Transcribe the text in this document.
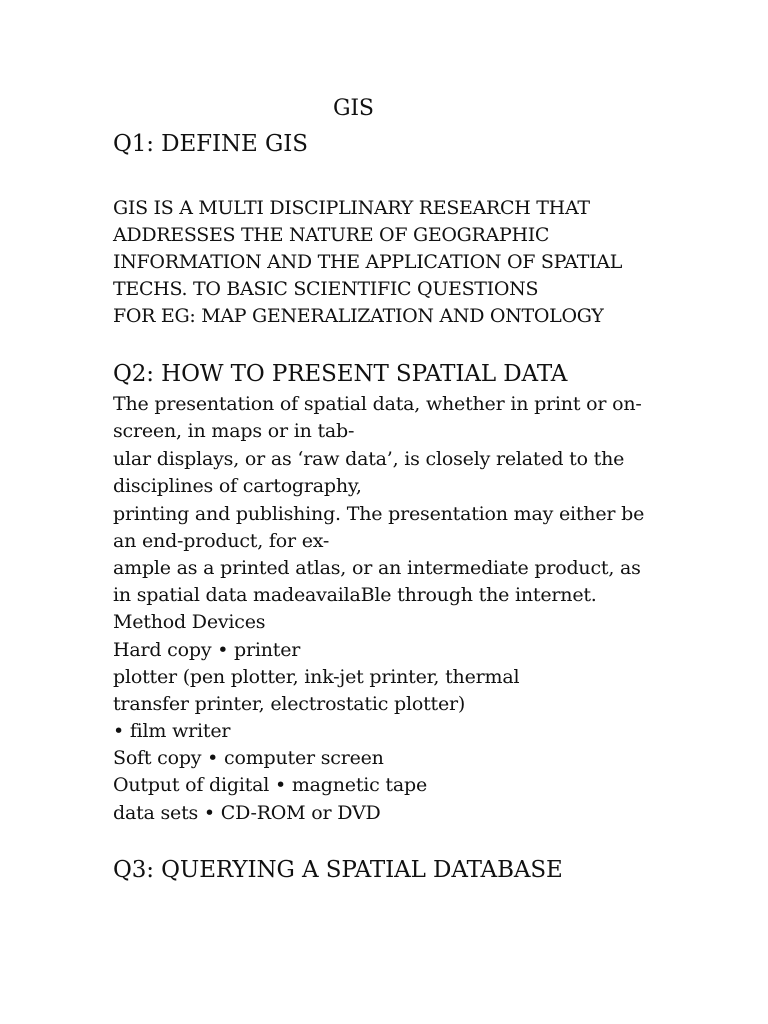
GIS
Q1: DEFINE GIS
GIS IS A MULTI DISCIPLINARY RESEARCH THAT
ADDRESSES THE NATURE OF GEOGRAPHIC
INFORMATION AND THE APPLICATION OF SPATIAL
TECHS. TO BASIC SCIENTIFIC QUESTIONS
FOR EG: MAP GENERALIZATION AND ONTOLOGY
Q2: HOW TO PRESENT SPATIAL DATA
The presentation of spatial data, whether in print or on-
screen, in maps or in tab-
ular displays, or as ‘raw data’, is closely related to the
disciplines of cartography,
printing and publishing. The presentation may either be
an end-product, for ex-
ample as a printed atlas, or an intermediate product, as
in spatial data madeavailaBle through the internet.
Method Devices
Hard copy • printer
plotter (pen plotter, ink-jet printer, thermal
transfer printer, electrostatic plotter)
• film writer
Soft copy • computer screen
Output of digital • magnetic tape
data sets • CD-ROM or DVD
Q3: QUERYING A SPATIAL DATABASE
